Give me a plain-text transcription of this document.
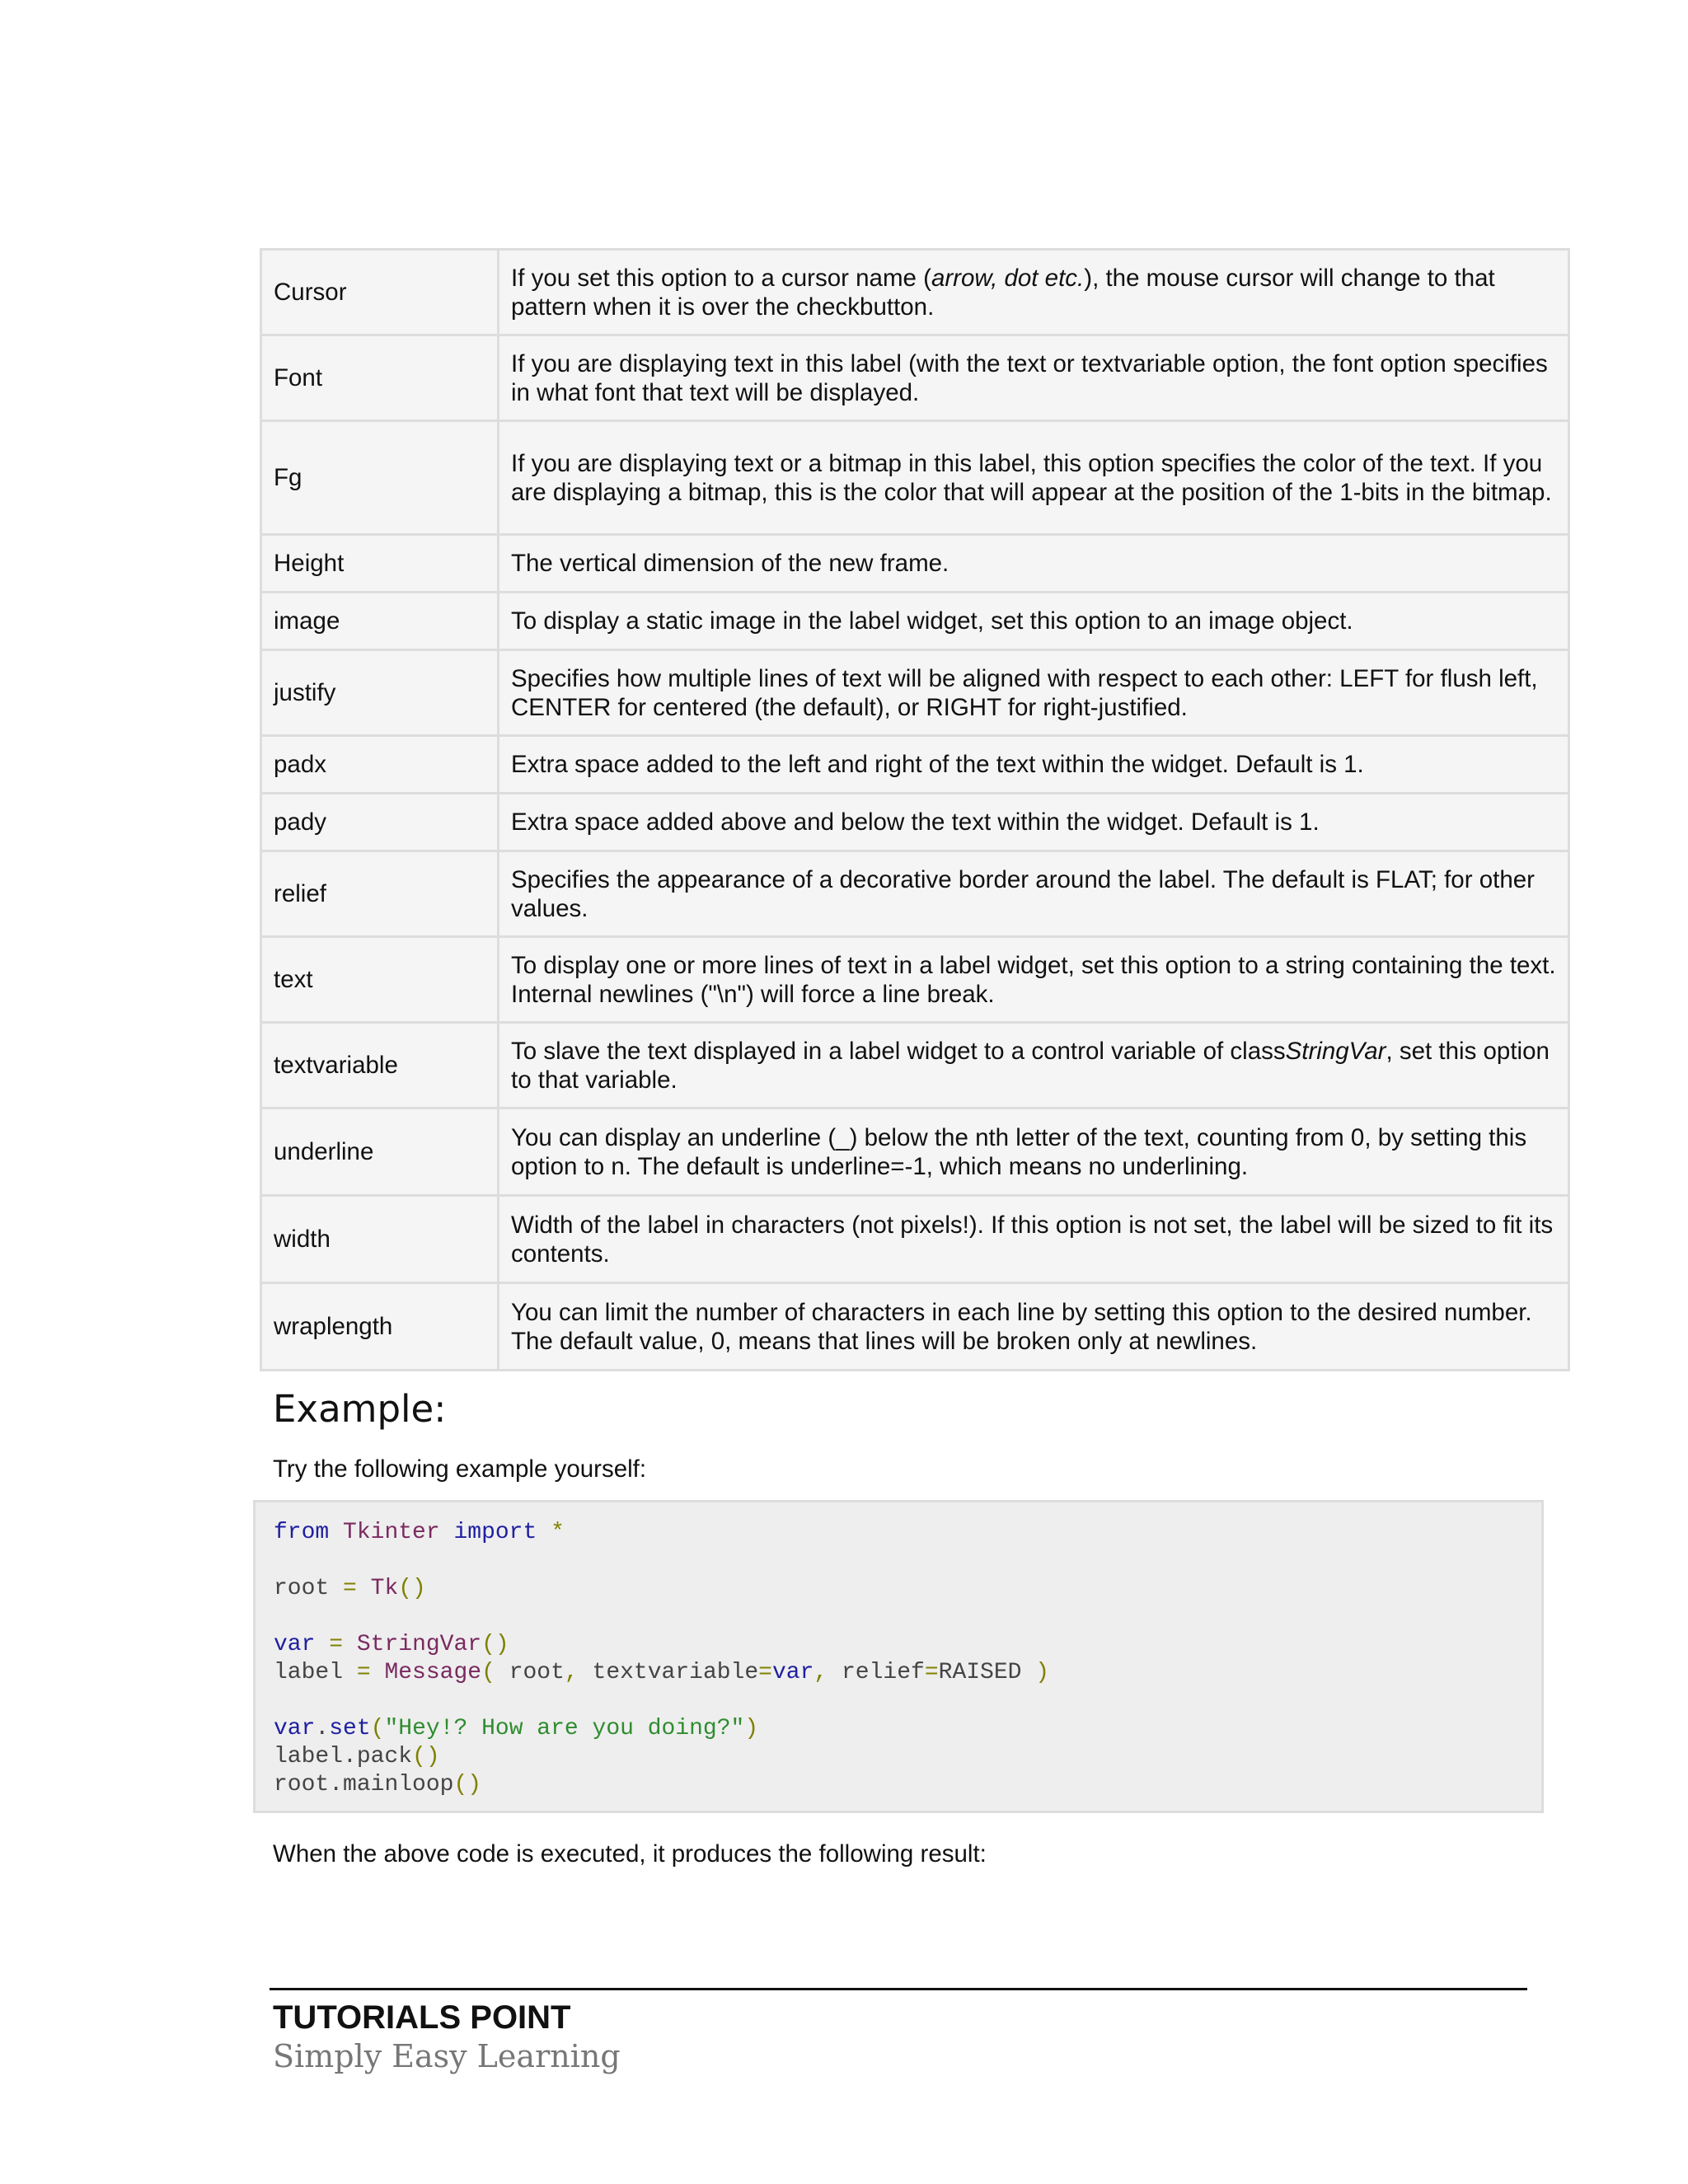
Cursor	If you set this option to a cursor name (arrow, dot etc.), the mouse cursor will change to that pattern when it is over the checkbutton.
Font	If you are displaying text in this label (with the text or textvariable option, the font option specifies in what font that text will be displayed.
Fg	If you are displaying text or a bitmap in this label, this option specifies the color of the text. If you are displaying a bitmap, this is the color that will appear at the position of the 1-bits in the bitmap.
Height	The vertical dimension of the new frame.
image	To display a static image in the label widget, set this option to an image object.
justify	Specifies how multiple lines of text will be aligned with respect to each other: LEFT for flush left, CENTER for centered (the default), or RIGHT for right-justified.
padx	Extra space added to the left and right of the text within the widget. Default is 1.
pady	Extra space added above and below the text within the widget. Default is 1.
relief	Specifies the appearance of a decorative border around the label. The default is FLAT; for other values.
text	To display one or more lines of text in a label widget, set this option to a string containing the text. Internal newlines ("\n") will force a line break.
textvariable	To slave the text displayed in a label widget to a control variable of classStringVar, set this option to that variable.
underline	You can display an underline (_) below the nth letter of the text, counting from 0, by setting this option to n. The default is underline=-1, which means no underlining.
width	Width of the label in characters (not pixels!). If this option is not set, the label will be sized to fit its contents.
wraplength	You can limit the number of characters in each line by setting this option to the desired number. The default value, 0, means that lines will be broken only at newlines.
Example:

Try the following example yourself:

from Tkinter import *
root = Tk()
var = StringVar()
label = Message( root, textvariable=var, relief=RAISED )
var.set("Hey!? How are you doing?")
label.pack()
root.mainloop()

When the above code is executed, it produces the following result:

TUTORIALS POINT

Simply Easy Learning
